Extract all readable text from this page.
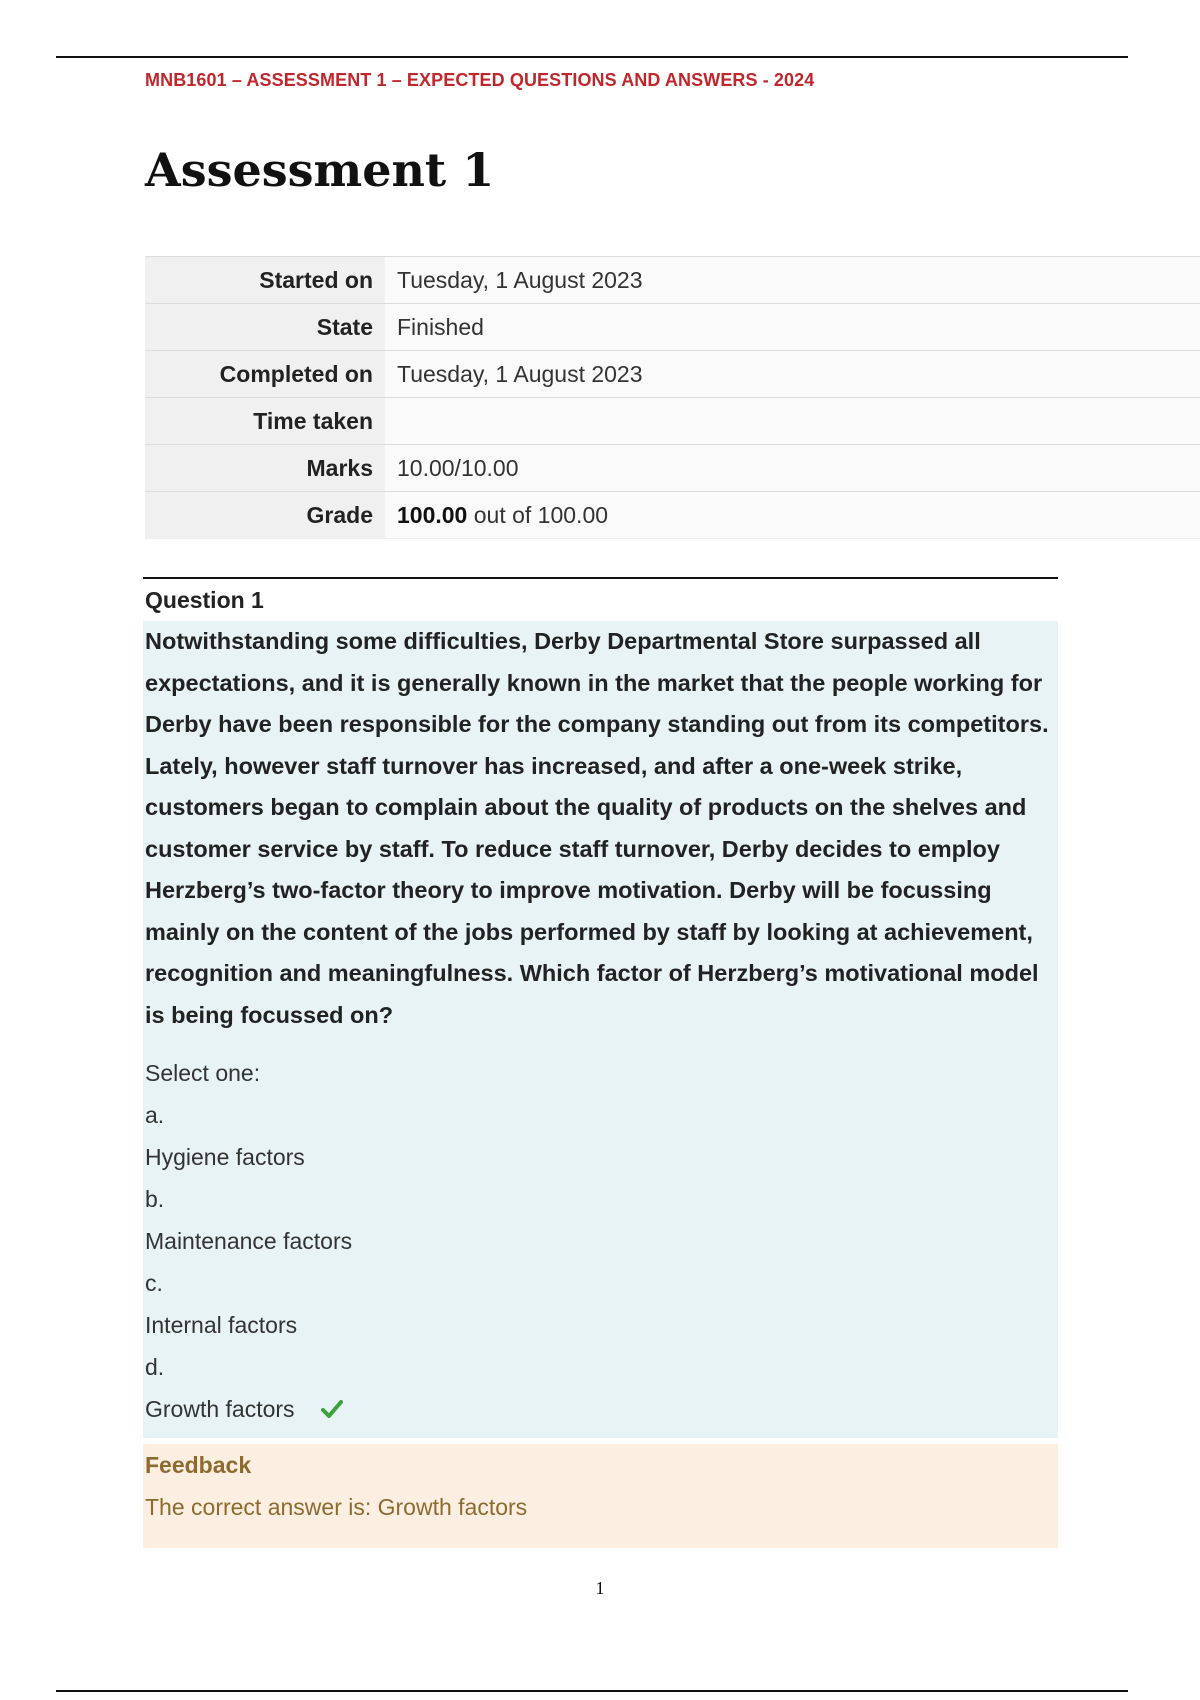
MNB1601 – ASSESSMENT 1 – EXPECTED QUESTIONS AND ANSWERS - 2024
Assessment 1
Started on	Tuesday, 1 August 2023
State	Finished
Completed on	Tuesday, 1 August 2023
Time taken
Marks	10.00/10.00
Grade	100.00 out of 100.00
Question 1

Notwithstanding some difficulties, Derby Departmental Store surpassed all expectations, and it is generally known in the market that the people working for Derby have been responsible for the company standing out from its competitors. Lately, however staff turnover has increased, and after a one-week strike, customers began to complain about the quality of products on the shelves and customer service by staff. To reduce staff turnover, Derby decides to employ Herzberg’s two-factor theory to improve motivation. Derby will be focussing mainly on the content of the jobs performed by staff by looking at achievement, recognition and meaningfulness. Which factor of Herzberg’s motivational model is being focussed on?

Select one:
a.
Hygiene factors
b.
Maintenance factors
c.
Internal factors
d.
Growth factors
Feedback
The correct answer is: Growth factors
1
